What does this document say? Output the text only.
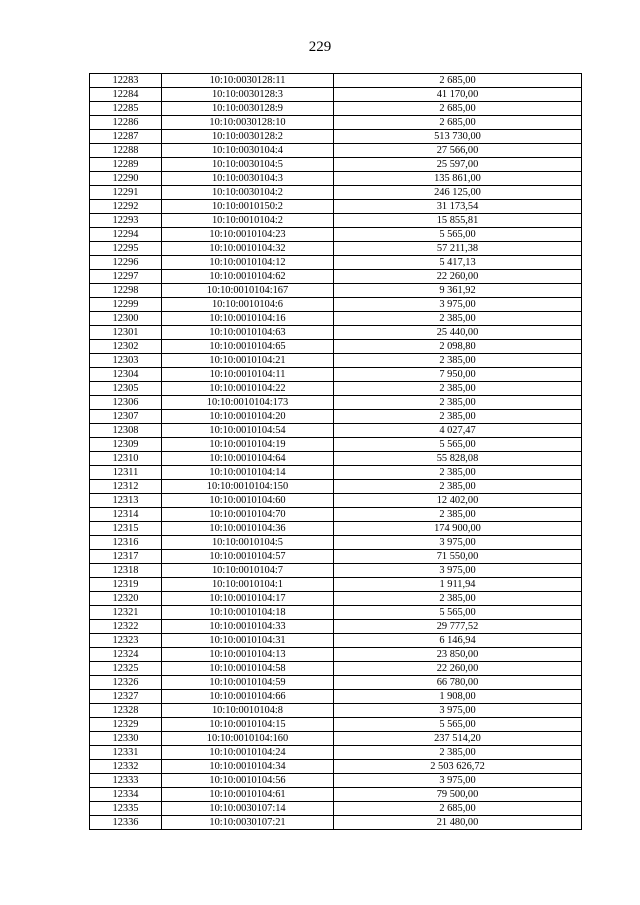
229
12283	10:10:0030128:11	2 685,00
12284	10:10:0030128:3	41 170,00
12285	10:10:0030128:9	2 685,00
12286	10:10:0030128:10	2 685,00
12287	10:10:0030128:2	513 730,00
12288	10:10:0030104:4	27 566,00
12289	10:10:0030104:5	25 597,00
12290	10:10:0030104:3	135 861,00
12291	10:10:0030104:2	246 125,00
12292	10:10:0010150:2	31 173,54
12293	10:10:0010104:2	15 855,81
12294	10:10:0010104:23	5 565,00
12295	10:10:0010104:32	57 211,38
12296	10:10:0010104:12	5 417,13
12297	10:10:0010104:62	22 260,00
12298	10:10:0010104:167	9 361,92
12299	10:10:0010104:6	3 975,00
12300	10:10:0010104:16	2 385,00
12301	10:10:0010104:63	25 440,00
12302	10:10:0010104:65	2 098,80
12303	10:10:0010104:21	2 385,00
12304	10:10:0010104:11	7 950,00
12305	10:10:0010104:22	2 385,00
12306	10:10:0010104:173	2 385,00
12307	10:10:0010104:20	2 385,00
12308	10:10:0010104:54	4 027,47
12309	10:10:0010104:19	5 565,00
12310	10:10:0010104:64	55 828,08
12311	10:10:0010104:14	2 385,00
12312	10:10:0010104:150	2 385,00
12313	10:10:0010104:60	12 402,00
12314	10:10:0010104:70	2 385,00
12315	10:10:0010104:36	174 900,00
12316	10:10:0010104:5	3 975,00
12317	10:10:0010104:57	71 550,00
12318	10:10:0010104:7	3 975,00
12319	10:10:0010104:1	1 911,94
12320	10:10:0010104:17	2 385,00
12321	10:10:0010104:18	5 565,00
12322	10:10:0010104:33	29 777,52
12323	10:10:0010104:31	6 146,94
12324	10:10:0010104:13	23 850,00
12325	10:10:0010104:58	22 260,00
12326	10:10:0010104:59	66 780,00
12327	10:10:0010104:66	1 908,00
12328	10:10:0010104:8	3 975,00
12329	10:10:0010104:15	5 565,00
12330	10:10:0010104:160	237 514,20
12331	10:10:0010104:24	2 385,00
12332	10:10:0010104:34	2 503 626,72
12333	10:10:0010104:56	3 975,00
12334	10:10:0010104:61	79 500,00
12335	10:10:0030107:14	2 685,00
12336	10:10:0030107:21	21 480,00
